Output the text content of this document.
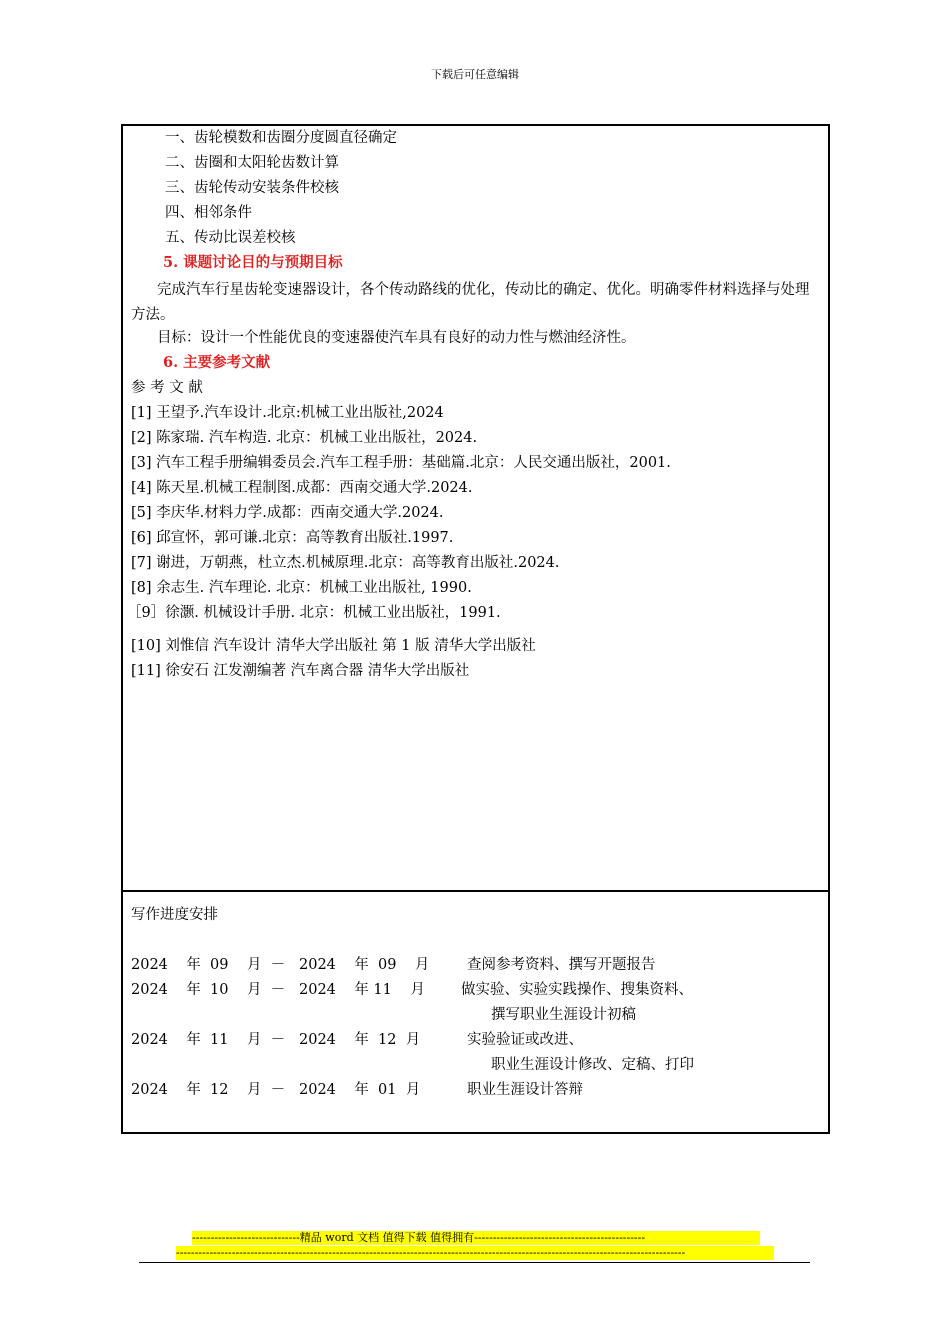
下载后可任意编辑
一、齿轮模数和齿圈分度圆直径确定
二、齿圈和太阳轮齿数计算
三、齿轮传动安装条件校核
四、相邻条件
五、传动比误差校核
5. 课题讨论目的与预期目标
完成汽车行星齿轮变速器设计，各个传动路线的优化，传动比的确定、优化。明确零件材料选择与处理方法。
目标：设计一个性能优良的变速器使汽车具有良好的动力性与燃油经济性。
6. 主要参考文献
参 考 文 献
[1] 王望予.汽车设计.北京:机械工业出版社,2024
[2] 陈家瑞. 汽车构造. 北京：机械工业出版社，2024.
[3] 汽车工程手册编辑委员会.汽车工程手册：基础篇.北京：人民交通出版社，2001.
[4] 陈天星.机械工程制图.成都：西南交通大学.2024.
[5] 李庆华.材料力学.成都：西南交通大学.2024.
[6] 邱宣怀，郭可谦.北京：高等教育出版社.1997.
[7] 谢进，万朝燕，杜立杰.机械原理.北京：高等教育出版社.2024.
[8] 余志生. 汽车理论. 北京：机械工业出版社, 1990.
［9］徐灏. 机械设计手册. 北京：机械工业出版社，1991.
[10] 刘惟信 汽车设计 清华大学出版社 第 1 版 清华大学出版社
[11] 徐安石 江发潮编著 汽车离合器 清华大学出版社
写作进度安排
2024    年  09    月  －   2024    年  09    月	查阅参考资料、撰写开题报告
2024    年  10    月  －   2024    年 11    月 做实验、实验实践操作、搜集资料、
撰写职业生涯设计初稿
2024    年  11    月  －   2024    年  12  月	实验验证或改进、
职业生涯设计修改、定稿、打印
2024    年  12    月  －   2024    年  01  月	职业生涯设计答辩
-----------------------------精品 word 文档 值得下载 值得拥有----------------------------------------------
-----------------------------------------------------------------------------------------------------------------------------------------
